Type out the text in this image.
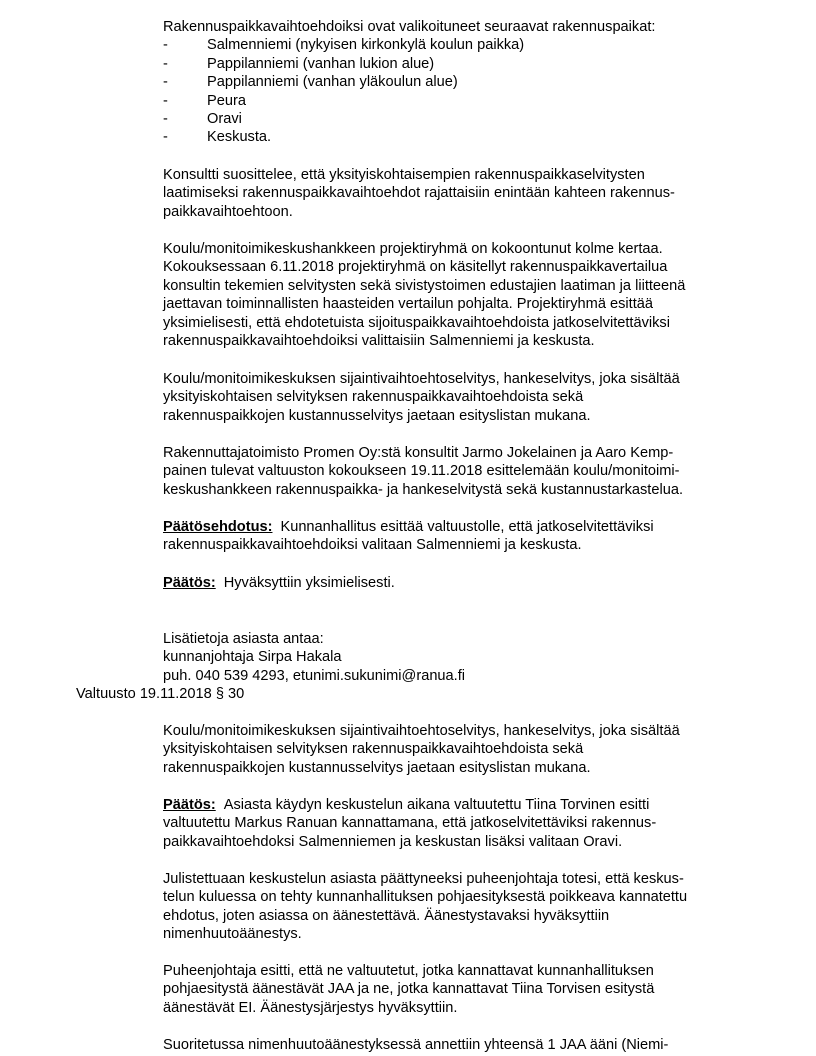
Rakennuspaikkavaihtoehdoiksi ovat valikoituneet seuraavat rakennuspaikat:

-	Salmenniemi (nykyisen kirkonkylä koulun paikka)
-	Pappilanniemi (vanhan lukion alue)
-	Pappilanniemi (vanhan yläkoulun alue)
-	Peura
-	Oravi
-	Keskusta.

Konsultti suosittelee, että yksityiskohtaisempien rakennuspaikkaselvitysten

laatimiseksi rakennuspaikkavaihtoehdot rajattaisiin enintään kahteen rakennus-

paikkavaihtoehtoon.

Koulu/monitoimikeskushankkeen projektiryhmä on kokoontunut kolme kertaa.

Kokouksessaan 6.11.2018 projektiryhmä on käsitellyt rakennuspaikkavertailua

konsultin tekemien selvitysten sekä sivistystoimen edustajien laatiman ja liitteenä

jaettavan toiminnallisten haasteiden vertailun pohjalta. Projektiryhmä esittää

yksimielisesti, että ehdotetuista sijoituspaikkavaihtoehdoista jatkoselvitettäviksi

rakennuspaikkavaihtoehdoiksi valittaisiin Salmenniemi ja keskusta.

Koulu/monitoimikeskuksen sijaintivaihtoehtoselvitys, hankeselvitys, joka sisältää

yksityiskohtaisen selvityksen rakennuspaikkavaihtoehdoista sekä

rakennuspaikkojen kustannusselvitys jaetaan esityslistan mukana.

Rakennuttajatoimisto Promen Oy:stä konsultit Jarmo Jokelainen ja Aaro Kemp-

painen tulevat valtuuston kokoukseen 19.11.2018 esittelemään koulu/monitoimi-

keskushankkeen rakennuspaikka- ja hankeselvitystä sekä kustannustarkastelua.

Päätösehdotus: Kunnanhallitus esittää valtuustolle, että jatkoselvitettäviksi

rakennuspaikkavaihtoehdoiksi valitaan Salmenniemi ja keskusta.

Päätös: Hyväksyttiin yksimielisesti.

Lisätietoja asiasta antaa:

kunnanjohtaja Sirpa Hakala

puh. 040 539 4293, etunimi.sukunimi@ranua.fi

Valtuusto 19.11.2018 § 30

Koulu/monitoimikeskuksen sijaintivaihtoehtoselvitys, hankeselvitys, joka sisältää

yksityiskohtaisen selvityksen rakennuspaikkavaihtoehdoista sekä

rakennuspaikkojen kustannusselvitys jaetaan esityslistan mukana.

Päätös: Asiasta käydyn keskustelun aikana valtuutettu Tiina Torvinen esitti

valtuutettu Markus Ranuan kannattamana, että jatkoselvitettäviksi rakennus-

paikkavaihtoehdoksi Salmenniemen ja keskustan lisäksi valitaan Oravi.

Julistettuaan keskustelun asiasta päättyneeksi puheenjohtaja totesi, että keskus-

telun kuluessa on tehty kunnanhallituksen pohjaesityksestä poikkeava kannatettu

ehdotus, joten asiassa on äänestettävä. Äänestystavaksi hyväksyttiin

nimenhuutoäänestys.

Puheenjohtaja esitti, että ne valtuutetut, jotka kannattavat kunnanhallituksen

pohjaesitystä äänestävät JAA ja ne, jotka kannattavat Tiina Torvisen esitystä

äänestävät EI. Äänestysjärjestys hyväksyttiin.

Suoritetussa nimenhuutoäänestyksessä annettiin yhteensä 1 JAA ääni (Niemi-
